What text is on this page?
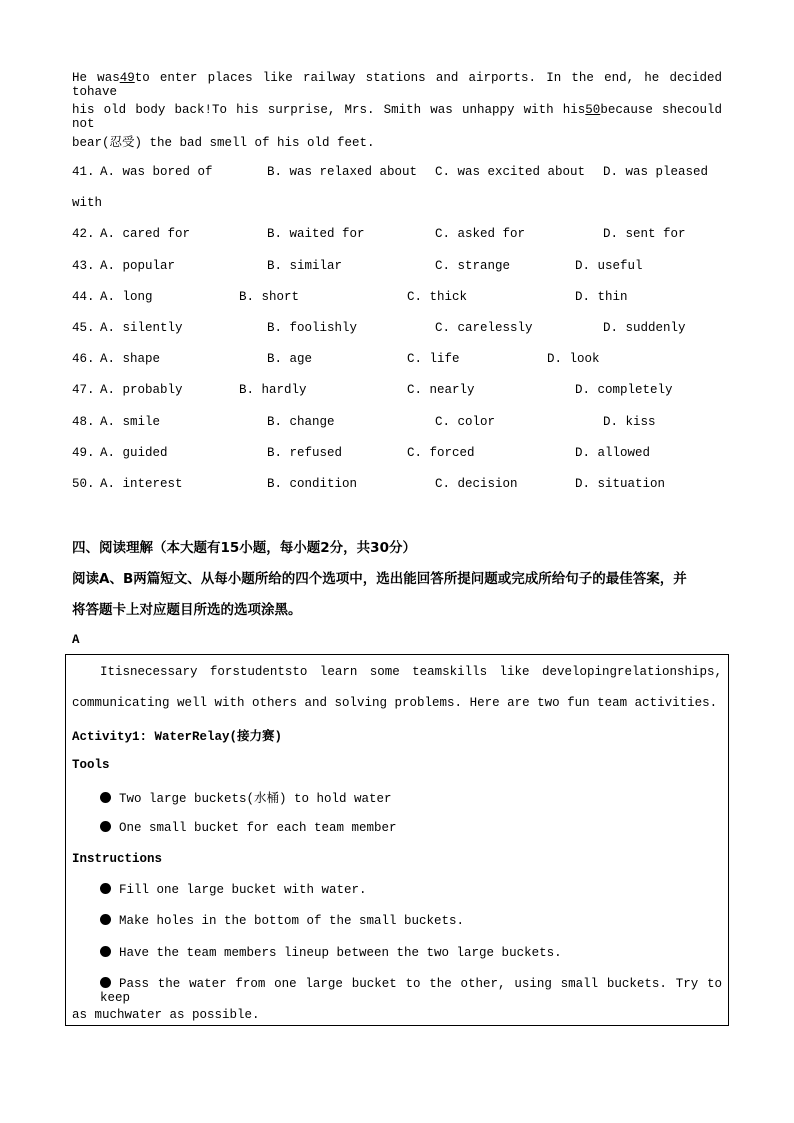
He was49to enter places like railway stations and airports. In the end, he decided tohave
his old body back!To his surprise, Mrs. Smith was unhappy with his50because shecould not
bear(忍受) the bad smell of his old feet.
41. A. was bored of	B. was relaxed about C. was excited about D. was pleased
with
42. A. cared for	B. waited for	C. asked for	D. sent for
43. A. popular	B. similar	C. strange	D. useful
44. A. long	B. short	C. thick	D. thin
45. A. silently	B. foolishly	C. carelessly	D. suddenly
46. A. shape	B. age	C. life	D. look
47. A. probably	B. hardly	C. nearly	D. completely
48. A. smile	B. change	C. color	D. kiss
49. A. guided	B. refused	C. forced	D. allowed
50. A. interest	B. condition	C. decision	D. situation
四、阅读理解（本大题有15小题，每小题2分，共30分）
阅读A、B两篇短文、从每小题所给的四个选项中，选出能回答所提问题或完成所给句子的最佳答案，并
将答题卡上对应题目所选的选项涂黑。
A
Itisnecessary forstudentsto learn some teamskills like developingrelationships,
communicating well with others and solving problems. Here are two fun team activities.
Activity1: WaterRelay(接力赛)
Tools
Two large buckets(水桶) to hold water
One small bucket for each team member
Instructions
Fill one large bucket with water.
Make holes in the bottom of the small buckets.
Have the team members lineup between the two large buckets.
Pass the water from one large bucket to the other, using small buckets. Try to keep
as muchwater as possible.
